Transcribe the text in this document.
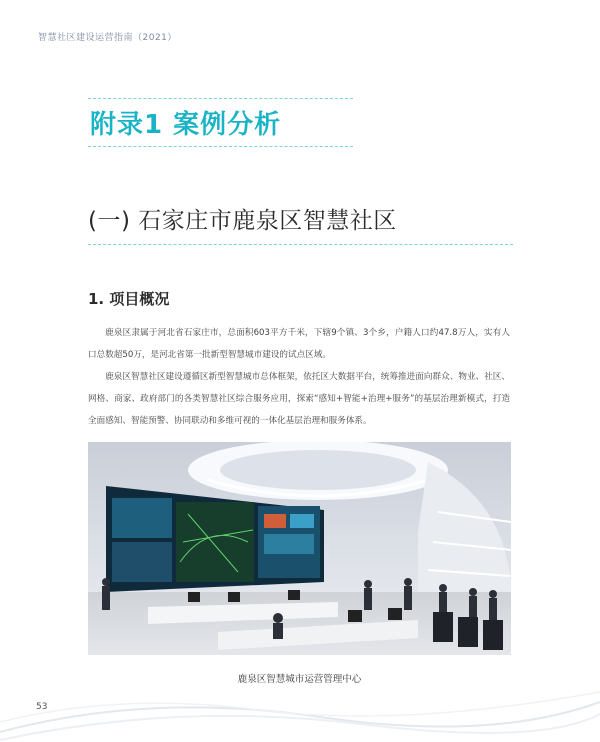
智慧社区建设运营指南（2021）
附录1 案例分析
(一) 石家庄市鹿泉区智慧社区
1. 项目概况
鹿泉区隶属于河北省石家庄市，总面积603平方千米，下辖9个镇、3个乡，户籍人口约47.8万人，实有人口总数超50万，是河北省第一批新型智慧城市建设的试点区域。
鹿泉区智慧社区建设遵循区新型智慧城市总体框架，依托区大数据平台，统筹推进面向群众、物业、社区、网格、商家、政府部门的各类智慧社区综合服务应用，探索“感知+智能+治理+服务”的基层治理新模式，打造全面感知、智能预警、协同联动和多维可视的一体化基层治理和服务体系。
鹿泉区智慧城市运营管理中心
53
